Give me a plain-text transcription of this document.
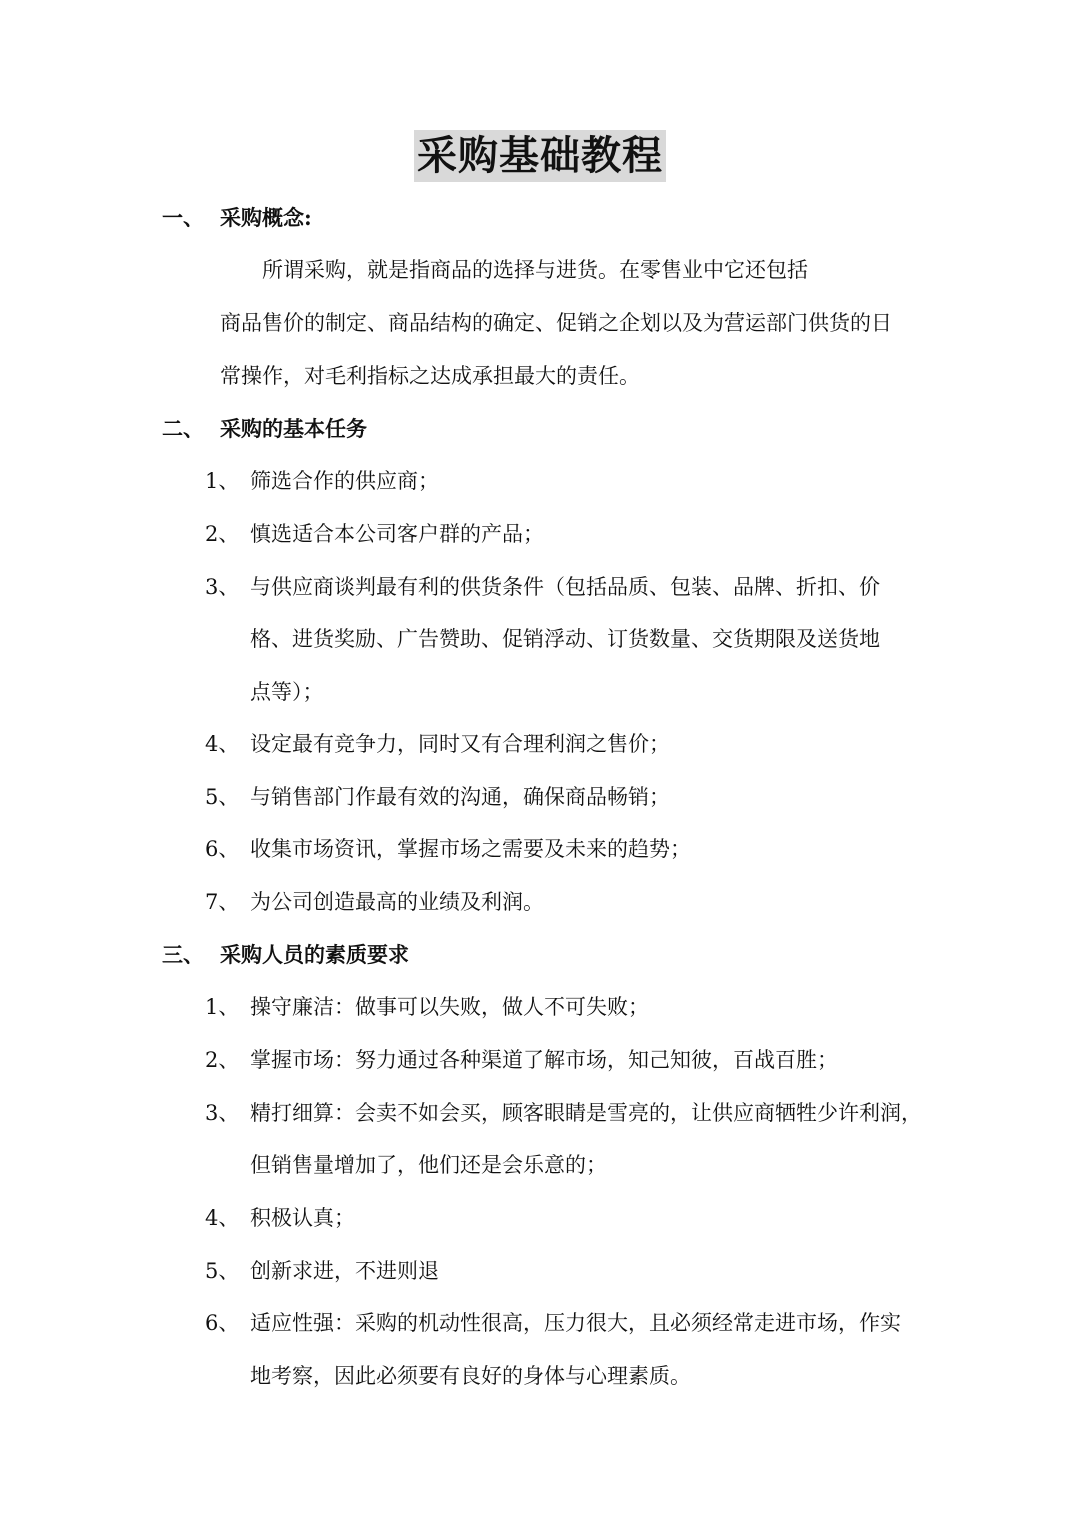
采购基础教程
一、 采购概念:
所谓采购，就是指商品的选择与进货。在零售业中它还包括
商品售价的制定、商品结构的确定、促销之企划以及为营运部门供货的日
常操作，对毛利指标之达成承担最大的责任。
二、 采购的基本任务
1、 筛选合作的供应商；
2、 慎选适合本公司客户群的产品；
3、 与供应商谈判最有利的供货条件（包括品质、包装、品牌、折扣、价
格、进货奖励、广告赞助、促销浮动、订货数量、交货期限及送货地
点等）；
4、 设定最有竞争力，同时又有合理利润之售价；
5、 与销售部门作最有效的沟通，确保商品畅销；
6、 收集市场资讯，掌握市场之需要及未来的趋势；
7、 为公司创造最高的业绩及利润。
三、 采购人员的素质要求
1、 操守廉洁：做事可以失败，做人不可失败；
2、 掌握市场：努力通过各种渠道了解市场，知己知彼，百战百胜；
3、 精打细算：会卖不如会买，顾客眼睛是雪亮的，让供应商牺牲少许利润，
但销售量增加了，他们还是会乐意的；
4、 积极认真；
5、 创新求进，不进则退
6、 适应性强：采购的机动性很高，压力很大，且必须经常走进市场，作实
地考察，因此必须要有良好的身体与心理素质。
